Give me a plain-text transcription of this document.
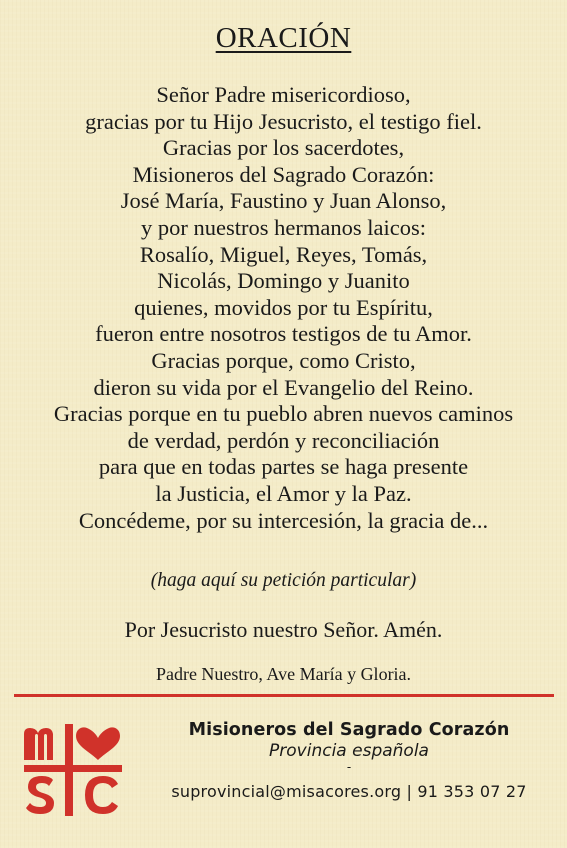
ORACIÓN
Señor Padre misericordioso,
gracias por tu Hijo Jesucristo, el testigo fiel.
Gracias por los sacerdotes,
Misioneros del Sagrado Corazón:
José María, Faustino y Juan Alonso,
y por nuestros hermanos laicos:
Rosalío, Miguel, Reyes, Tomás,
Nicolás, Domingo y Juanito
quienes, movidos por tu Espíritu,
fueron entre nosotros testigos de tu Amor.
Gracias porque, como Cristo,
dieron su vida por el Evangelio del Reino.
Gracias porque en tu pueblo abren nuevos caminos
de verdad, perdón y reconciliación
para que en todas partes se haga presente
la Justicia, el Amor y la Paz.
Concédeme, por su intercesión, la gracia de...
(haga aquí su petición particular)
Por Jesucristo nuestro Señor. Amén.
Padre Nuestro, Ave María y Gloria.
Misioneros del Sagrado Corazón
Provincia española
-
suprovincial@misacores.org | 91 353 07 27
